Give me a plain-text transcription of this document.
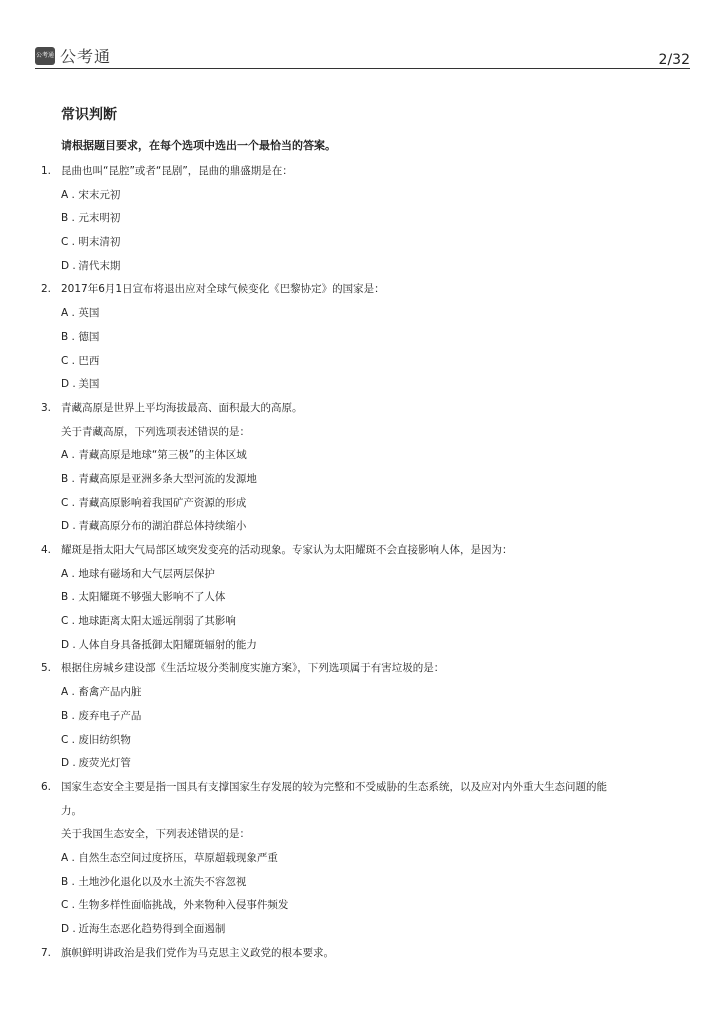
公考通 公考通	2/32
常识判断
请根据题目要求，在每个选项中选出一个最恰当的答案。
1. 昆曲也叫“昆腔”或者“昆剧”，昆曲的鼎盛期是在：
A . 宋末元初
B . 元末明初
C . 明末清初
D . 清代末期
2. 2017年6月1日宣布将退出应对全球气候变化《巴黎协定》的国家是：
A . 英国
B . 德国
C . 巴西
D . 美国
3. 青藏高原是世界上平均海拔最高、面积最大的高原。
关于青藏高原，下列选项表述错误的是：
A . 青藏高原是地球“第三极”的主体区域
B . 青藏高原是亚洲多条大型河流的发源地
C . 青藏高原影响着我国矿产资源的形成
D . 青藏高原分布的湖泊群总体持续缩小
4. 耀斑是指太阳大气局部区域突发变亮的活动现象。专家认为太阳耀斑不会直接影响人体，是因为：
A . 地球有磁场和大气层两层保护
B . 太阳耀斑不够强大影响不了人体
C . 地球距离太阳太遥远削弱了其影响
D . 人体自身具备抵御太阳耀斑辐射的能力
5. 根据住房城乡建设部《生活垃圾分类制度实施方案》，下列选项属于有害垃圾的是：
A . 畜禽产品内脏
B . 废弃电子产品
C . 废旧纺织物
D . 废荧光灯管
6. 国家生态安全主要是指一国具有支撑国家生存发展的较为完整和不受威胁的生态系统，以及应对内外重大生态问题的能
力。
关于我国生态安全，下列表述错误的是：
A . 自然生态空间过度挤压，草原超载现象严重
B . 土地沙化退化以及水土流失不容忽视
C . 生物多样性面临挑战，外来物种入侵事件频发
D . 近海生态恶化趋势得到全面遏制
7. 旗帜鲜明讲政治是我们党作为马克思主义政党的根本要求。
